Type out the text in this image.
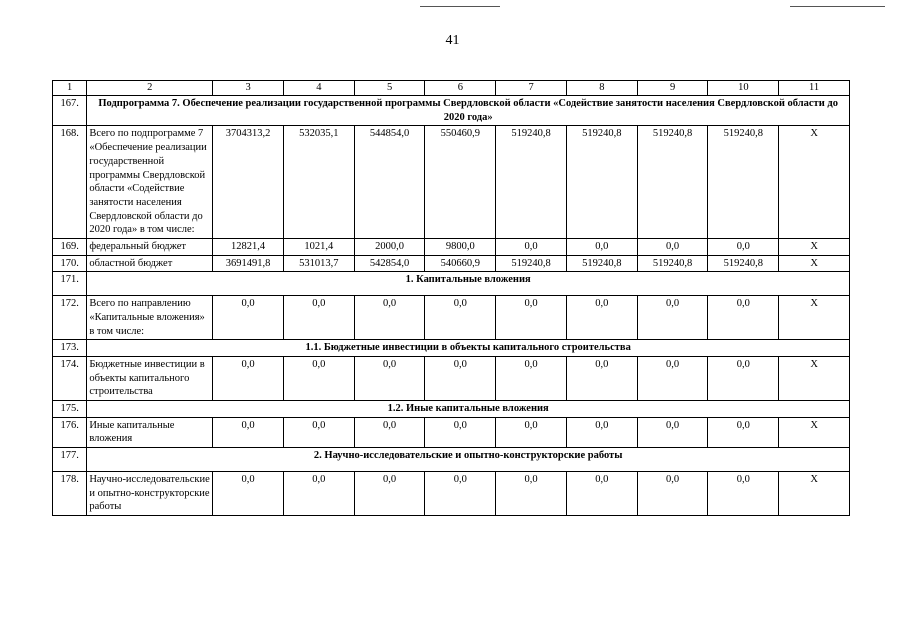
41
1	2	3	4	5	6	7	8	9	10	11
167.	Подпрограмма 7. Обеспечение реализации государственной программы Свердловской области «Содействие занятости населения Свердловской области до 2020 года»									
168.	Всего по подпрограмме 7 «Обеспечение реализации государственной программы Свердловской области «Содействие занятости населения Свердловской области до 2020 года» в том числе:	3704313,2	532035,1	544854,0	550460,9	519240,8	519240,8	519240,8	519240,8	Х
169.	федеральный бюджет	12821,4	1021,4	2000,0	9800,0	0,0	0,0	0,0	0,0	Х
170.	областной бюджет	3691491,8	531013,7	542854,0	540660,9	519240,8	519240,8	519240,8	519240,8	Х
171.	1. Капитальные вложения									
172.	Всего по направлению «Капитальные вложения» в том числе:	0,0	0,0	0,0	0,0	0,0	0,0	0,0	0,0	Х
173.	1.1. Бюджетные инвестиции в объекты капитального строительства									
174.	Бюджетные инвестиции в объекты капитального строительства	0,0	0,0	0,0	0,0	0,0	0,0	0,0	0,0	Х
175.	1.2. Иные капитальные вложения									
176.	Иные капитальные вложения	0,0	0,0	0,0	0,0	0,0	0,0	0,0	0,0	Х
177.	2. Научно-исследовательские и опытно-конструкторские работы									
178.	Научно-исследовательские и опытно-конструкторские работы	0,0	0,0	0,0	0,0	0,0	0,0	0,0	0,0	Х
